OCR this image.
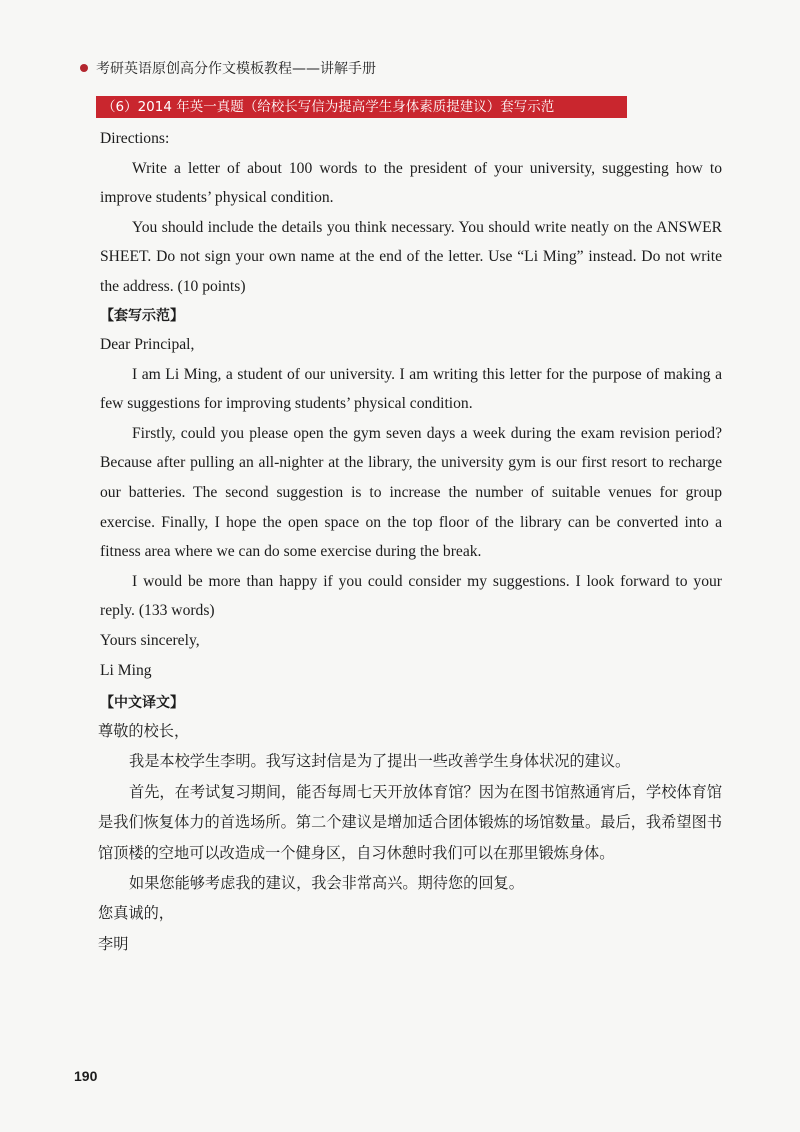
考研英语原创高分作文模板教程——讲解手册
（6）2014 年英一真题（给校长写信为提高学生身体素质提建议）套写示范

Directions:

Write a letter of about 100 words to the president of your university, suggesting how to improve students’ physical condition.

You should include the details you think necessary. You should write neatly on the ANSWER SHEET. Do not sign your own name at the end of the letter. Use “Li Ming” instead. Do not write the address. (10 points)

【套写示范】

Dear Principal,

I am Li Ming, a student of our university. I am writing this letter for the purpose of making a few suggestions for improving students’ physical condition.

Firstly, could you please open the gym seven days a week during the exam revision period? Because after pulling an all-nighter at the library, the university gym is our first resort to recharge our batteries. The second suggestion is to increase the number of suitable venues for group exercise. Finally, I hope the open space on the top floor of the library can be converted into a fitness area where we can do some exercise during the break.

I would be more than happy if you could consider my suggestions. I look forward to your reply. (133 words)

Yours sincerely,

Li Ming

【中文译文】

尊敬的校长，

我是本校学生李明。我写这封信是为了提出一些改善学生身体状况的建议。

首先，在考试复习期间，能否每周七天开放体育馆？因为在图书馆熬通宵后，学校体育馆是我们恢复体力的首选场所。第二个建议是增加适合团体锻炼的场馆数量。最后，我希望图书馆顶楼的空地可以改造成一个健身区，自习休憩时我们可以在那里锻炼身体。

如果您能够考虑我的建议，我会非常高兴。期待您的回复。

您真诚的，

李明

190
